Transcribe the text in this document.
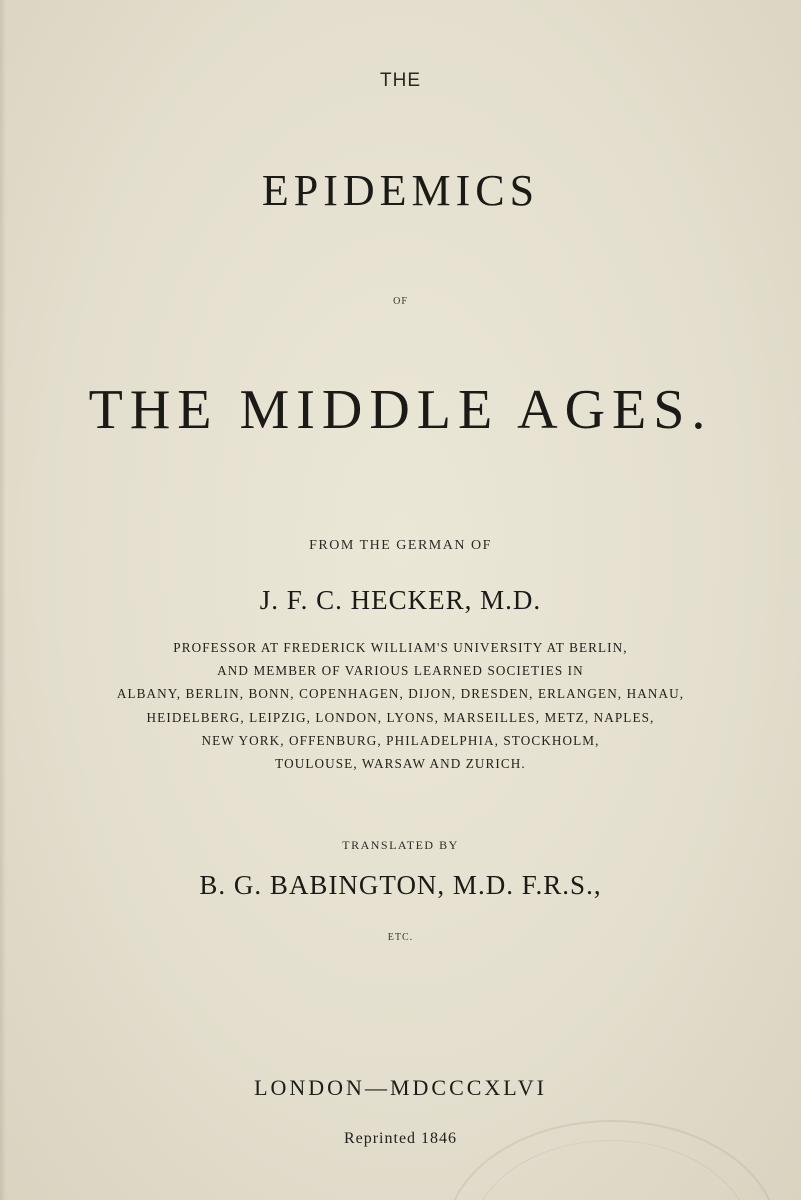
THE
EPIDEMICS
OF
THE MIDDLE AGES.
FROM THE GERMAN OF
J. F. C. HECKER, M.D.
PROFESSOR AT FREDERICK WILLIAM'S UNIVERSITY AT BERLIN,
AND MEMBER OF VARIOUS LEARNED SOCIETIES IN
ALBANY, BERLIN, BONN, COPENHAGEN, DIJON, DRESDEN, ERLANGEN, HANAU,
HEIDELBERG, LEIPZIG, LONDON, LYONS, MARSEILLES, METZ, NAPLES,
NEW YORK, OFFENBURG, PHILADELPHIA, STOCKHOLM,
TOULOUSE, WARSAW AND ZURICH.
TRANSLATED BY
B. G. BABINGTON, M.D. F.R.S.,
ETC.
LONDON—MDCCCXLVI
Reprinted 1846
